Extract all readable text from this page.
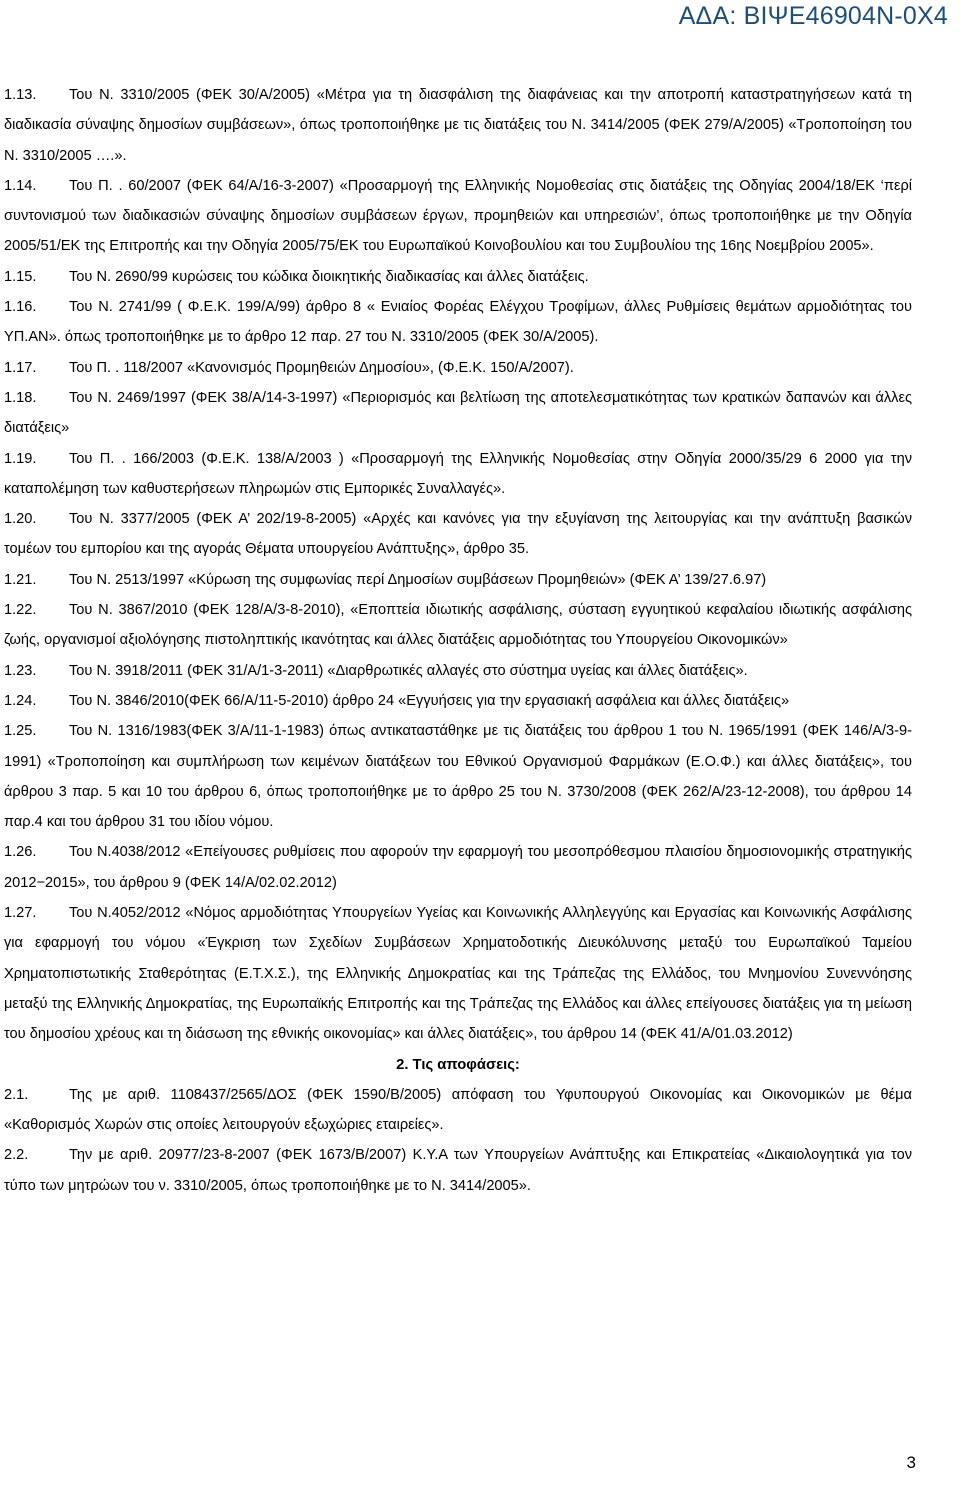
ΑΔΑ: ΒΙΨΕ46904Ν-0Χ4
1.13. Του Ν. 3310/2005 (ΦΕΚ 30/Α/2005) «Μέτρα για τη διασφάλιση της διαφάνειας και την αποτροπή καταστρατηγήσεων κατά τη διαδικασία σύναψης δημοσίων συμβάσεων», όπως τροποποιήθηκε με τις διατάξεις του Ν. 3414/2005 (ΦΕΚ 279/Α/2005) «Τροποποίηση του Ν. 3310/2005 ….».

1.14. Του Π. . 60/2007 (ΦΕΚ 64/Α/16-3-2007) «Προσαρμογή της Ελληνικής Νομοθεσίας στις διατάξεις της Οδηγίας 2004/18/ΕΚ ‘περί συντονισμού των διαδικασιών σύναψης δημοσίων συμβάσεων έργων, προμηθειών και υπηρεσιών’, όπως τροποποιήθηκε με την Οδηγία 2005/51/ΕΚ της Επιτροπής και την Οδηγία 2005/75/ΕΚ του Ευρωπαϊκού Κοινοβουλίου και του Συμβουλίου της 16ης Νοεμβρίου 2005».

1.15. Του Ν. 2690/99 κυρώσεις του κώδικα διοικητικής διαδικασίας και άλλες διατάξεις.

1.16. Του Ν. 2741/99 ( Φ.Ε.Κ. 199/Α/99) άρθρο 8 « Ενιαίος Φορέας Ελέγχου Τροφίμων, άλλες Ρυθμίσεις θεμάτων αρμοδιότητας του ΥΠ.ΑΝ». όπως τροποποιήθηκε με το άρθρο 12 παρ. 27 του Ν. 3310/2005 (ΦΕΚ 30/Α/2005).

1.17. Του Π. . 118/2007 «Κανονισμός Προμηθειών Δημοσίου», (Φ.Ε.Κ. 150/Α/2007).

1.18. Του Ν. 2469/1997 (ΦΕΚ 38/Α/14-3-1997) «Περιορισμός και βελτίωση της αποτελεσματικότητας των κρατικών δαπανών και άλλες διατάξεις»

1.19. Του Π. . 166/2003 (Φ.Ε.Κ. 138/Α/2003 ) «Προσαρμογή της Ελληνικής Νομοθεσίας στην Οδηγία 2000/35/29 6 2000 για την καταπολέμηση των καθυστερήσεων πληρωμών στις Εμπορικές Συναλλαγές».

1.20. Του Ν. 3377/2005 (ΦΕΚ Α’ 202/19-8-2005) «Αρχές και κανόνες για την εξυγίανση της λειτουργίας και την ανάπτυξη βασικών τομέων του εμπορίου και της αγοράς Θέματα υπουργείου Ανάπτυξης», άρθρο 35.

1.21. Του Ν. 2513/1997 «Κύρωση της συμφωνίας περί Δημοσίων συμβάσεων Προμηθειών» (ΦΕΚ Α’ 139/27.6.97)

1.22. Του Ν. 3867/2010 (ΦΕΚ 128/Α/3-8-2010), «Εποπτεία ιδιωτικής ασφάλισης, σύσταση εγγυητικού κεφαλαίου ιδιωτικής ασφάλισης ζωής, οργανισμοί αξιολόγησης πιστοληπτικής ικανότητας και άλλες διατάξεις αρμοδιότητας του Υπουργείου Οικονομικών»

1.23. Του Ν. 3918/2011 (ΦΕΚ 31/Α/1-3-2011) «Διαρθρωτικές αλλαγές στο σύστημα υγείας και άλλες διατάξεις».

1.24. Του Ν. 3846/2010(ΦΕΚ 66/Α/11-5-2010) άρθρο 24 «Εγγυήσεις για την εργασιακή ασφάλεια και άλλες διατάξεις»

1.25. Του Ν. 1316/1983(ΦΕΚ 3/Α/11-1-1983) όπως αντικαταστάθηκε με τις διατάξεις του άρθρου 1 του Ν. 1965/1991 (ΦΕΚ 146/Α/3-9-1991) «Τροποποίηση και συμπλήρωση των κειμένων διατάξεων του Εθνικού Οργανισμού Φαρμάκων (Ε.Ο.Φ.) και άλλες διατάξεις», του άρθρου 3 παρ. 5 και 10 του άρθρου 6, όπως τροποποιήθηκε με το άρθρο 25 του Ν. 3730/2008 (ΦΕΚ 262/Α/23-12-2008), του άρθρου 14 παρ.4 και του άρθρου 31 του ιδίου νόμου.

1.26. Του Ν.4038/2012 «Επείγουσες ρυθμίσεις που αφορούν την εφαρμογή του μεσοπρόθεσμου πλαισίου δημοσιονομικής στρατηγικής 2012−2015», του άρθρου 9 (ΦΕΚ 14/Α/02.02.2012)

1.27. Του Ν.4052/2012 «Νόμος αρμοδιότητας Υπουργείων Υγείας και Κοινωνικής Αλληλεγγύης και Εργασίας και Κοινωνικής Ασφάλισης για εφαρμογή του νόμου «Έγκριση των Σχεδίων Συμβάσεων Χρηματοδοτικής Διευκόλυνσης μεταξύ του Ευρωπαϊκού Ταμείου Χρηματοπιστωτικής Σταθερότητας (Ε.Τ.Χ.Σ.), της Ελληνικής Δημοκρατίας και της Τράπεζας της Ελλάδος, του Μνημονίου Συνεννόησης μεταξύ της Ελληνικής Δημοκρατίας, της Ευρωπαϊκής Επιτροπής και της Τράπεζας της Ελλάδος και άλλες επείγουσες διατάξεις για τη μείωση του δημοσίου χρέους και τη διάσωση της εθνικής οικονομίας» και άλλες διατάξεις», του άρθρου 14 (ΦΕΚ 41/Α/01.03.2012)

2. Τις αποφάσεις:
2.1.	Της με αριθ. 1108437/2565/ΔΟΣ (ΦΕΚ 1590/Β/2005) απόφαση του Υφυπουργού Οικονομίας και Οικονομικών με θέμα «Καθορισμός Χωρών στις οποίες λειτουργούν εξωχώριες εταιρείες».

2.2.	Την με αριθ. 20977/23-8-2007 (ΦΕΚ 1673/Β/2007) Κ.Υ.Α των Υπουργείων Ανάπτυξης και Επικρατείας «Δικαιολογητικά για τον τύπο των μητρώων του ν. 3310/2005, όπως τροποποιήθηκε με το Ν. 3414/2005».

3
